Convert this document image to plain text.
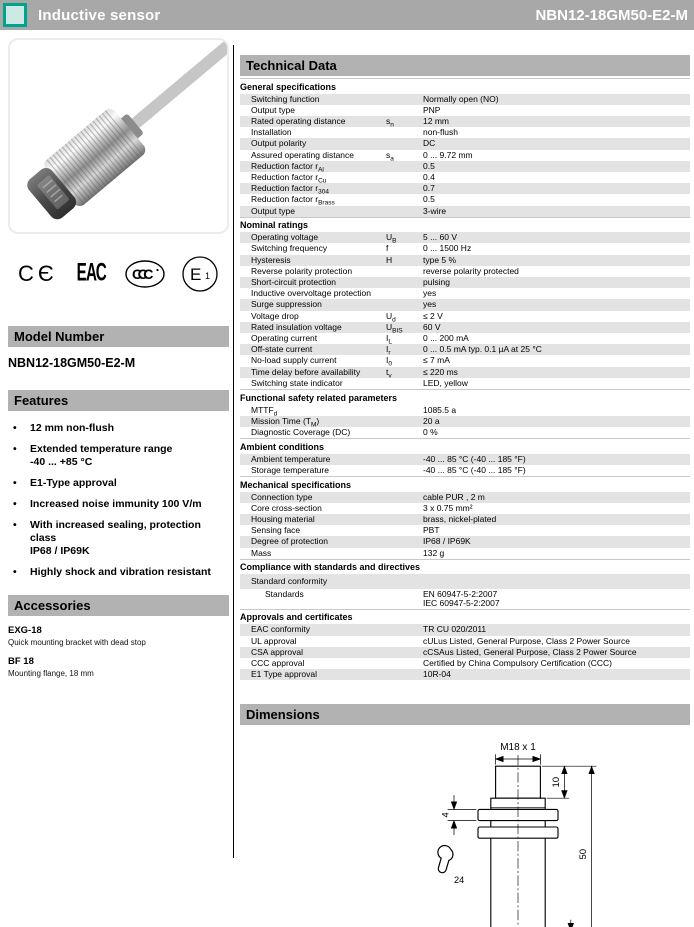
Inductive sensor	NBN12-18GM50-E2-M
CЄ ЕАС CCC E 1
Model Number
NBN12-18GM50-E2-M
Features
•	12 mm non-flush
•	Extended temperature range
-40 ... +85 °C
•	E1-Type approval
•	Increased noise immunity 100 V/m
•	With increased sealing, protection class
IP68 / IP69K
•	Highly shock and vibration resistant
Accessories
EXG-18
Quick mounting bracket with dead stop
BF 18
Mounting flange, 18 mm
Technical Data
General specifications
Switching function	Normally open (NO)
Output type	PNP
Rated operating distance	$s_n$	12 mm
Installation	non-flush
Output polarity	DC
Assured operating distance	$s_a$	0 ... 9.72 mm
Reduction factor $r_{Al}$	0.5
Reduction factor $r_{Cu}$	0.4
Reduction factor $r_{304}$	0.7
Reduction factor $r_{Brass}$	0.5
Output type	3-wire
Nominal ratings
Operating voltage	$U_B$	5 ... 60 V
Switching frequency	f	0 ... 1500 Hz
Hysteresis	H	type 5 %
Reverse polarity protection	reverse polarity protected
Short-circuit protection	pulsing
Inductive overvoltage protection	yes
Surge suppression	yes
Voltage drop	$U_d$	≤ 2 V
Rated insulation voltage	$U_{BIS}$	60 V
Operating current	$I_L$	0 ... 200 mA
Off-state current	$I_r$	0 ... 0.5 mA typ. 0.1 µA at 25 °C
No-load supply current	$I_0$	≤ 7 mA
Time delay before availability	$t_v$	≤ 220 ms
Switching state indicator	LED, yellow
Functional safety related parameters
$MTTF_d$	1085.5 a
Mission Time $(T_M)$	20 a
Diagnostic Coverage (DC)	0 %
Ambient conditions
Ambient temperature	-40 ... 85 °C (-40 ... 185 °F)
Storage temperature	-40 ... 85 °C (-40 ... 185 °F)
Mechanical specifications
Connection type	cable PUR , 2 m
Core cross-section	3 x 0.75 mm²
Housing material	brass, nickel-plated
Sensing face	PBT
Degree of protection	IP68 / IP69K
Mass	132 g
Compliance with standards and directives
Standard conformity
Standards	EN 60947-5-2:2007
IEC 60947-5-2:2007
Approvals and certificates
EAC conformity	TR CU 020/2011
UL approval	cULus Listed, General Purpose, Class 2 Power Source
CSA approval	cCSAus Listed, General Purpose, Class 2 Power Source
CCC approval	Certified by China Compulsory Certification (CCC)
E1 Type approval	10R-04
Dimensions
M18 x 1
10
50
4
24
